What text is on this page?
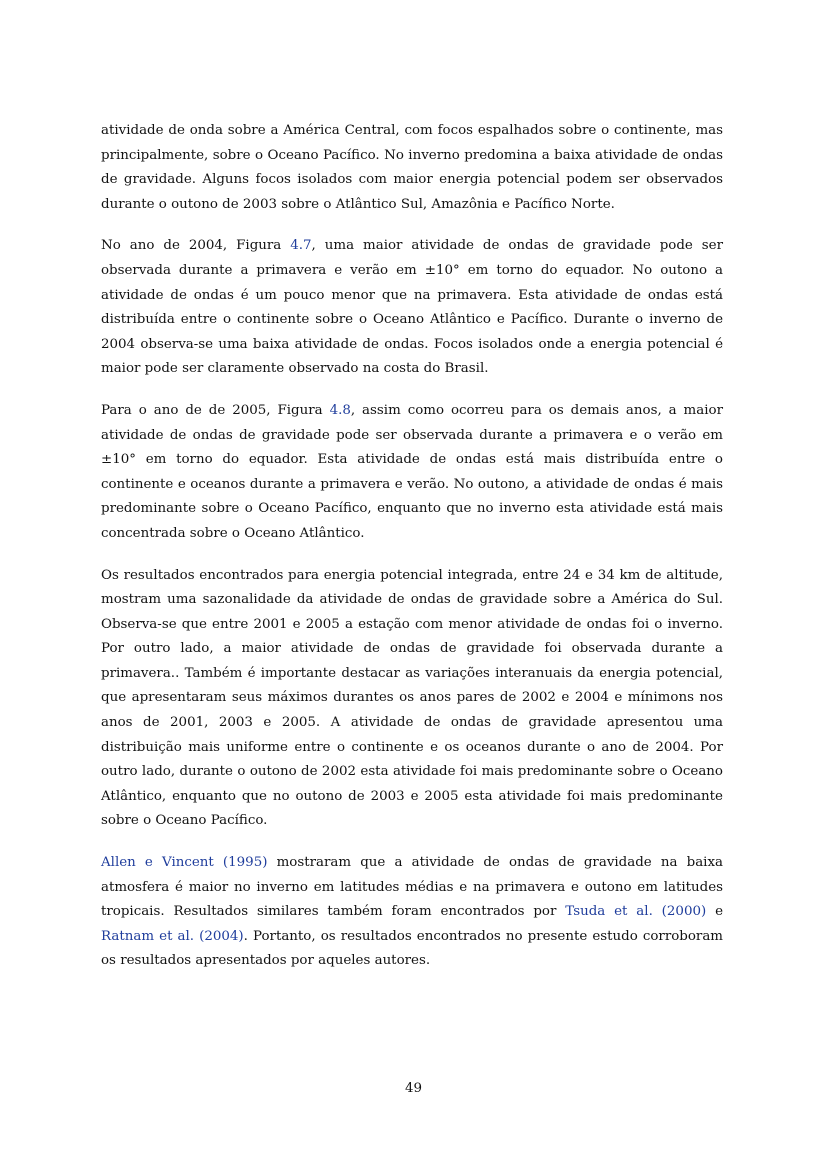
atividade de onda sobre a América Central, com focos espalhados sobre o continente, mas principalmente, sobre o Oceano Pacífico. No inverno predomina a baixa atividade de ondas de gravidade. Alguns focos isolados com maior energia potencial podem ser observados durante o outono de 2003 sobre o Atlântico Sul, Amazônia e Pacífico Norte.

No ano de 2004, Figura 4.7, uma maior atividade de ondas de gravidade pode ser observada durante a primavera e verão em ±10° em torno do equador. No outono a atividade de ondas é um pouco menor que na primavera. Esta atividade de ondas está distribuída entre o continente sobre o Oceano Atlântico e Pacífico. Durante o inverno de 2004 observa-se uma baixa atividade de ondas. Focos isolados onde a energia potencial é maior pode ser claramente observado na costa do Brasil.

Para o ano de de 2005, Figura 4.8, assim como ocorreu para os demais anos, a maior atividade de ondas de gravidade pode ser observada durante a primavera e o verão em ±10° em torno do equador. Esta atividade de ondas está mais distribuída entre o continente e oceanos durante a primavera e verão. No outono, a atividade de ondas é mais predominante sobre o Oceano Pacífico, enquanto que no inverno esta atividade está mais concentrada sobre o Oceano Atlântico.

Os resultados encontrados para energia potencial integrada, entre 24 e 34 km de altitude, mostram uma sazonalidade da atividade de ondas de gravidade sobre a América do Sul. Observa-se que entre 2001 e 2005 a estação com menor atividade de ondas foi o inverno. Por outro lado, a maior atividade de ondas de gravidade foi observada durante a primavera.. Também é importante destacar as variações interanuais da energia potencial, que apresentaram seus máximos durantes os anos pares de 2002 e 2004 e mínimons nos anos de 2001, 2003 e 2005. A atividade de ondas de gravidade apresentou uma distribuição mais uniforme entre o continente e os oceanos durante o ano de 2004. Por outro lado, durante o outono de 2002 esta atividade foi mais predominante sobre o Oceano Atlântico, enquanto que no outono de 2003 e 2005 esta atividade foi mais predominante sobre o Oceano Pacífico.

Allen e Vincent (1995) mostraram que a atividade de ondas de gravidade na baixa atmosfera é maior no inverno em latitudes médias e na primavera e outono em latitudes tropicais. Resultados similares também foram encontrados por Tsuda et al. (2000) e Ratnam et al. (2004). Portanto, os resultados encontrados no presente estudo corroboram os resultados apresentados por aqueles autores.

49
